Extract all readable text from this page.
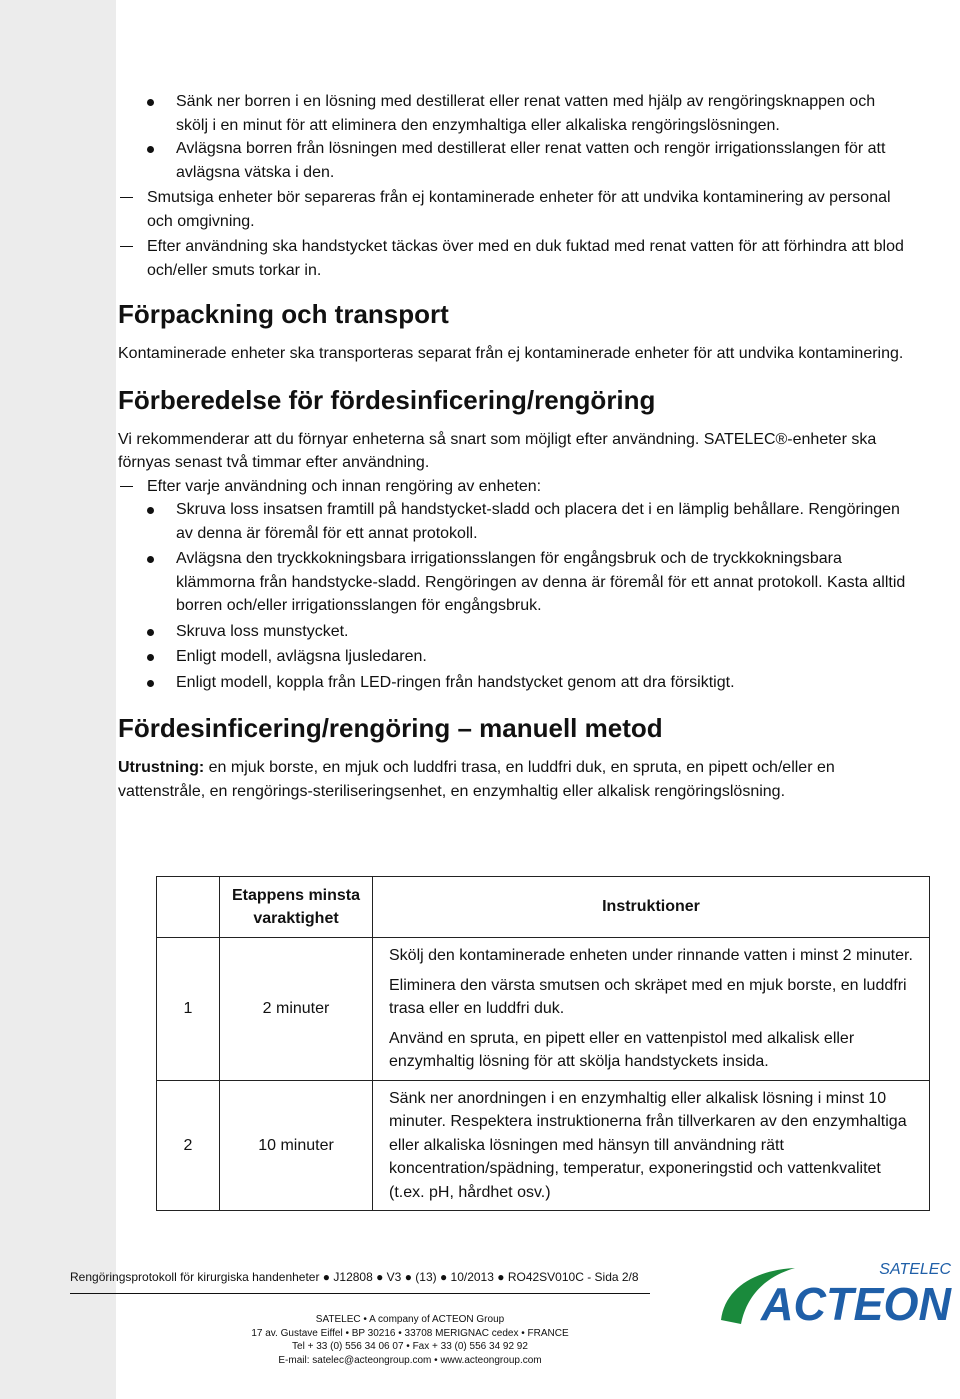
Sänk ner borren i en lösning med destillerat eller renat vatten med hjälp av rengöringsknappen och skölj i en minut för att eliminera den enzymhaltiga eller alkaliska rengöringslösningen.
Avlägsna borren från lösningen med destillerat eller renat vatten och rengör irrigationsslangen för att avlägsna vätska i den.
Smutsiga enheter bör separeras från ej kontaminerade enheter för att undvika kontaminering av personal och omgivning.
Efter användning ska handstycket täckas över med en duk fuktad med renat vatten för att förhindra att blod och/eller smuts torkar in.
Förpackning och transport

Kontaminerade enheter ska transporteras separat från ej kontaminerade enheter för att undvika kontaminering.

Förberedelse för fördesinficering/rengöring

Vi rekommenderar att du förnyar enheterna så snart som möjligt efter användning. SATELEC®-enheter ska förnyas senast två timmar efter användning.

Efter varje användning och innan rengöring av enheten:
Skruva loss insatsen framtill på handstycket-sladd och placera det i en lämplig behållare. Rengöringen av denna är föremål för ett annat protokoll.
Avlägsna den tryckkokningsbara irrigationsslangen för engångsbruk och de tryckkokningsbara klämmorna från handstycke-sladd. Rengöringen av denna är föremål för ett annat protokoll. Kasta alltid borren och/eller irrigationsslangen för engångsbruk.
Skruva loss munstycket.
Enligt modell, avlägsna ljusledaren.
Enligt modell, koppla från LED-ringen från handstycket genom att dra försiktigt.
Fördesinficering/rengöring – manuell metod

Utrustning: en mjuk borste, en mjuk och luddfri trasa, en luddfri duk, en spruta, en pipett och/eller en vattenstråle, en rengörings-steriliseringsenhet, en enzymhaltig eller alkalisk rengöringslösning.

	Etappens minsta varaktighet	Instruktioner
1	2 minuter	Skölj den kontaminerade enheten under rinnande vatten i minst 2 minuter.

Eliminera den värsta smutsen och skräpet med en mjuk borste, en luddfri trasa eller en luddfri duk.

Använd en spruta, en pipett eller en vattenpistol med alkalisk eller enzymhaltig lösning för att skölja handstyckets insida.

2	10 minuter	Sänk ner anordningen i en enzymhaltig eller alkalisk lösning i minst 10 minuter. Respektera instruktionerna från tillverkaren av den enzymhaltiga eller alkaliska lösningen med hänsyn till användning rätt koncentration/spädning, temperatur, exponeringstid och vattenkvalitet (t.ex. pH, hårdhet osv.)

Rengöringsprotokoll för kirurgiska handenheter ● J12808 ● V3 ● (13) ● 10/2013 ● RO42SV010C - Sida 2/8
SATELEC • A company of ACTEON Group
17 av. Gustave Eiffel • BP 30216 • 33708 MERIGNAC cedex • FRANCE
Tel + 33 (0) 556 34 06 07 • Fax + 33 (0) 556 34 92 92
E-mail: satelec@acteongroup.com • www.acteongroup.com
SATELEC
ACTEON
